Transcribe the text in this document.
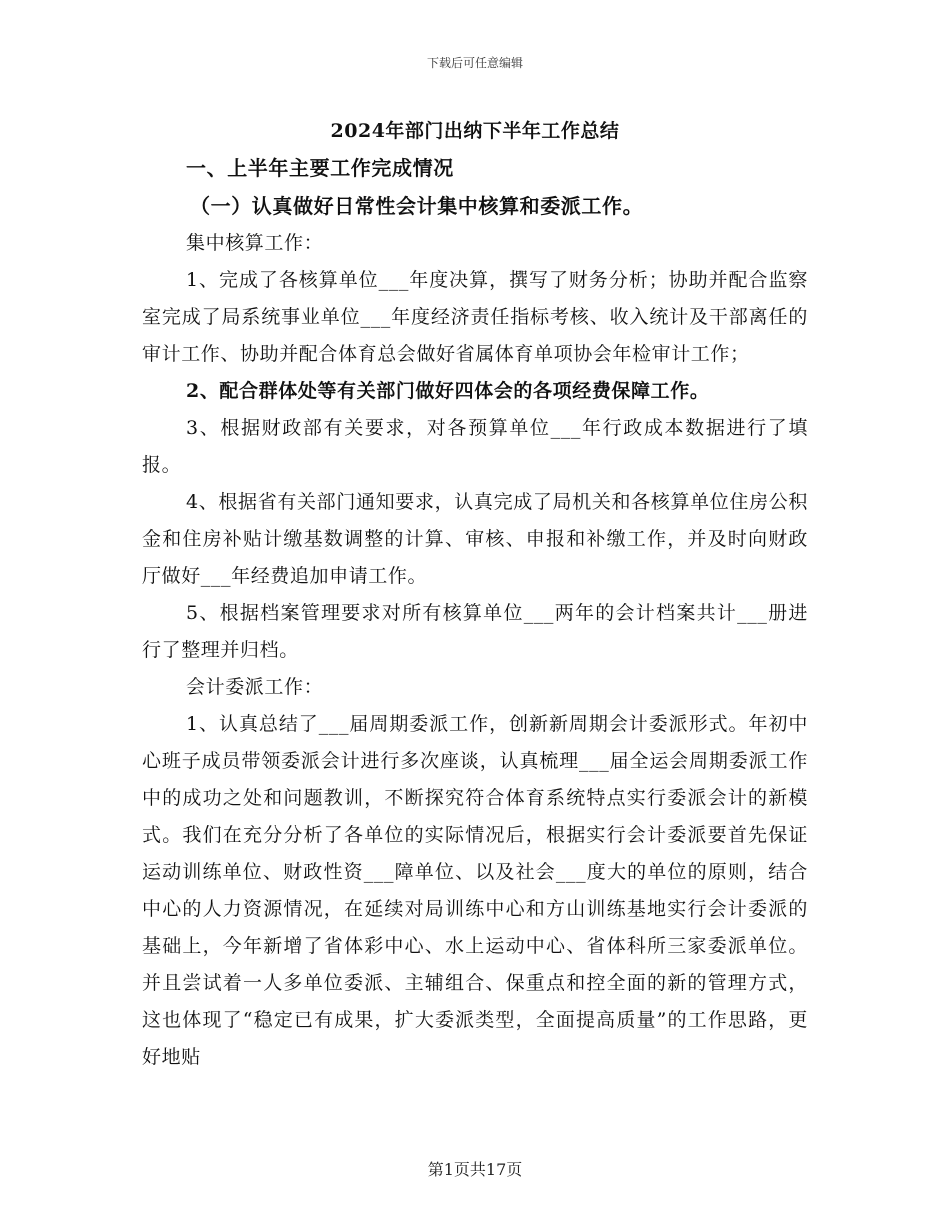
下载后可任意编辑
2024年部门出纳下半年工作总结

一、上半年主要工作完成情况

（一）认真做好日常性会计集中核算和委派工作。

集中核算工作：

1、完成了各核算单位___年度决算，撰写了财务分析；协助并配合监察室完成了局系统事业单位___年度经济责任指标考核、收入统计及干部离任的审计工作、协助并配合体育总会做好省属体育单项协会年检审计工作；

2、配合群体处等有关部门做好四体会的各项经费保障工作。

3、根据财政部有关要求，对各预算单位___年行政成本数据进行了填报。

4、根据省有关部门通知要求，认真完成了局机关和各核算单位住房公积金和住房补贴计缴基数调整的计算、审核、申报和补缴工作，并及时向财政厅做好___年经费追加申请工作。

5、根据档案管理要求对所有核算单位___两年的会计档案共计___册进行了整理并归档。

会计委派工作：

1、认真总结了___届周期委派工作，创新新周期会计委派形式。年初中心班子成员带领委派会计进行多次座谈，认真梳理___届全运会周期委派工作中的成功之处和问题教训，不断探究符合体育系统特点实行委派会计的新模式。我们在充分分析了各单位的实际情况后，根据实行会计委派要首先保证运动训练单位、财政性资___障单位、以及社会___度大的单位的原则，结合中心的人力资源情况，在延续对局训练中心和方山训练基地实行会计委派的基础上，今年新增了省体彩中心、水上运动中心、省体科所三家委派单位。并且尝试着一人多单位委派、主辅组合、保重点和控全面的新的管理方式，这也体现了“稳定已有成果，扩大委派类型，全面提高质量”的工作思路，更好地贴

第1页共17页
